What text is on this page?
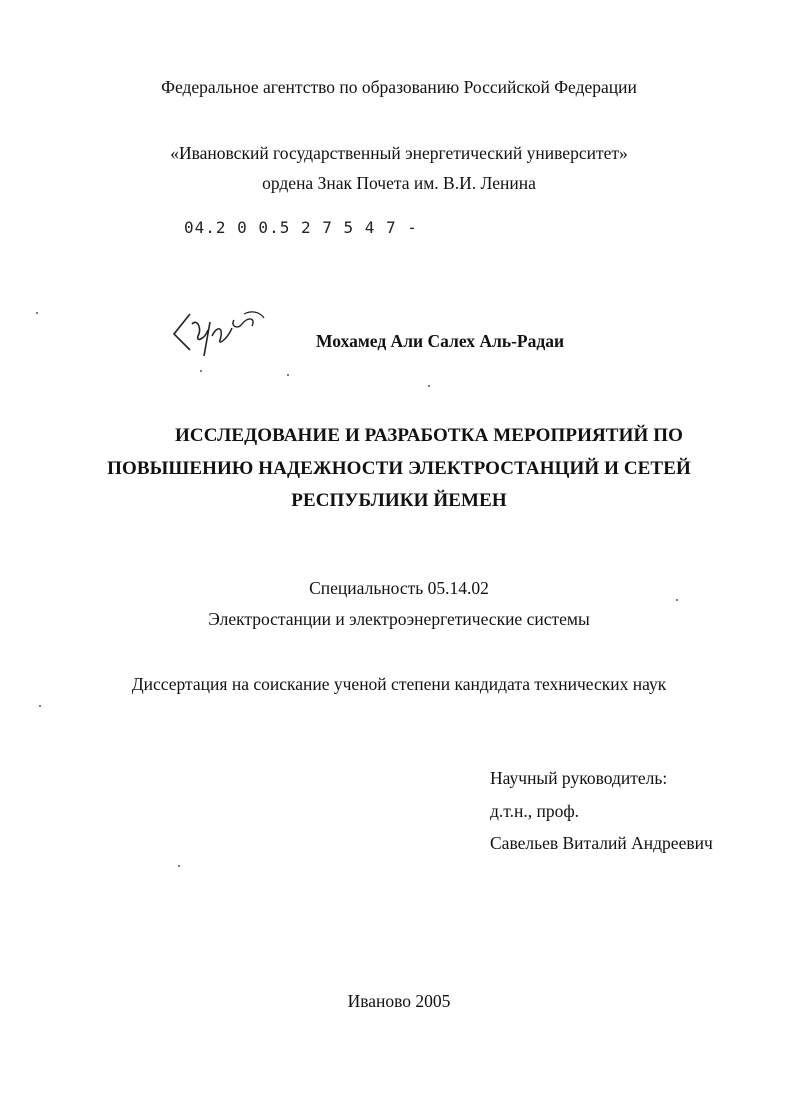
Федеральное агентство по образованию Российской Федерации
«Ивановский государственный энергетический университет»
ордена Знак Почета им. В.И. Ленина
04.2 0 0.5 2 7 5 4 7 -
Мохамед Али Салех Аль-Радаи
ИССЛЕДОВАНИЕ И РАЗРАБОТКА МЕРОПРИЯТИЙ ПО
ПОВЫШЕНИЮ НАДЕЖНОСТИ ЭЛЕКТРОСТАНЦИЙ И СЕТЕЙ
РЕСПУБЛИКИ ЙЕМЕН
Специальность 05.14.02
Электростанции и электроэнергетические системы
Диссертация на соискание ученой степени кандидата технических наук
Научный руководитель:
д.т.н., проф.
Савельев Виталий Андреевич
Иваново 2005
